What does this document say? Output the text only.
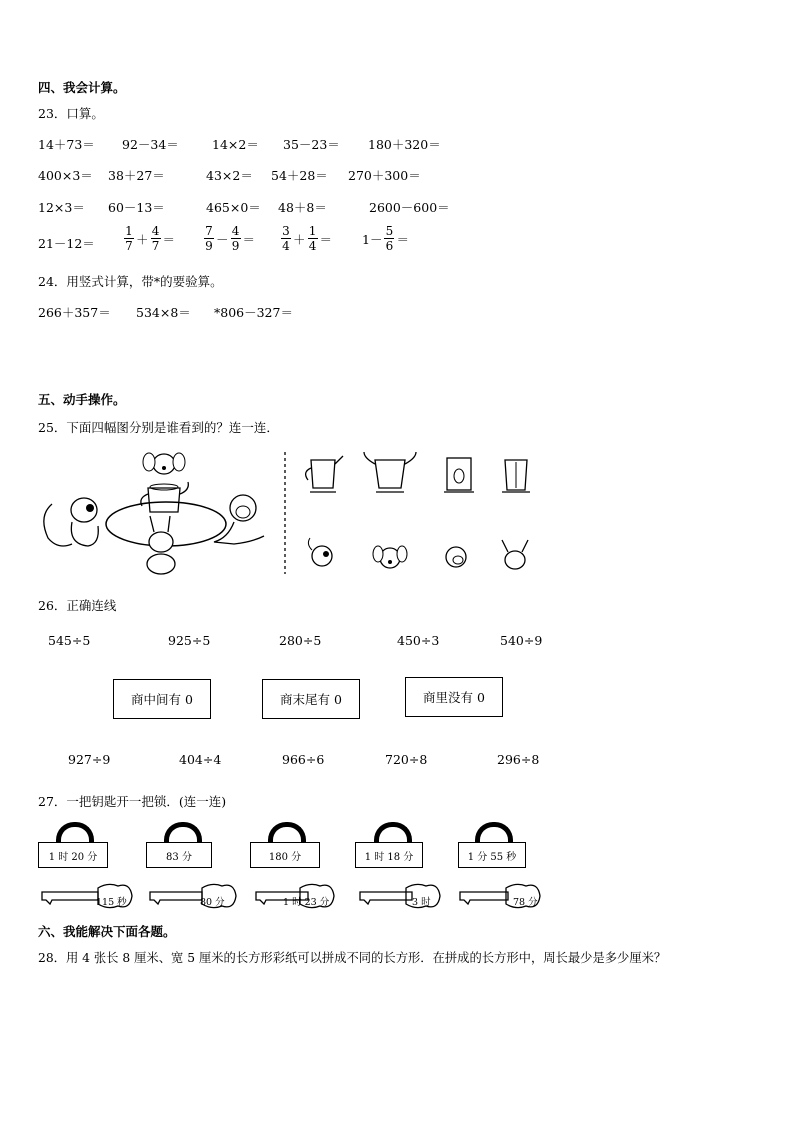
四、我会计算。
23．口算。
14＋73＝ 92－34＝	14×2＝ 35－23＝ 180＋320＝
400×3＝ 38＋27＝	43×2＝ 54＋28＝ 270＋300＝
12×3＝ 60－13＝	465×0＝ 48＋8＝	2600－600＝
$21-12= \frac{1}{7} + \frac{4}{7} = \frac{7}{9} - \frac{4}{9} = \frac{3}{4} + \frac{1}{4} = 1- \frac{5}{6}$ ＝
24．用竖式计算，带*的要验算。
266＋357＝ 534×8＝ *806－327＝
五、动手操作。
25．下面四幅图分别是谁看到的？连一连．
26．正确连线
545÷5	925÷5	280÷5	450÷3	540÷9
商中间有 0	商末尾有 0	商里没有 0
927÷9	404÷4	966÷6	720÷8	296÷8
27．一把钥匙开一把锁．(连一连)
1 时 20 分	83 分	180 分	1 时 18 分	1 分 55 秒
115 秒	80 分	1 时 23 分	3 时	78 分
六、我能解决下面各题。
28．用 4 张长 8 厘米、宽 5 厘米的长方形彩纸可以拼成不同的长方形．在拼成的长方形中，周长最少是多少厘米？
